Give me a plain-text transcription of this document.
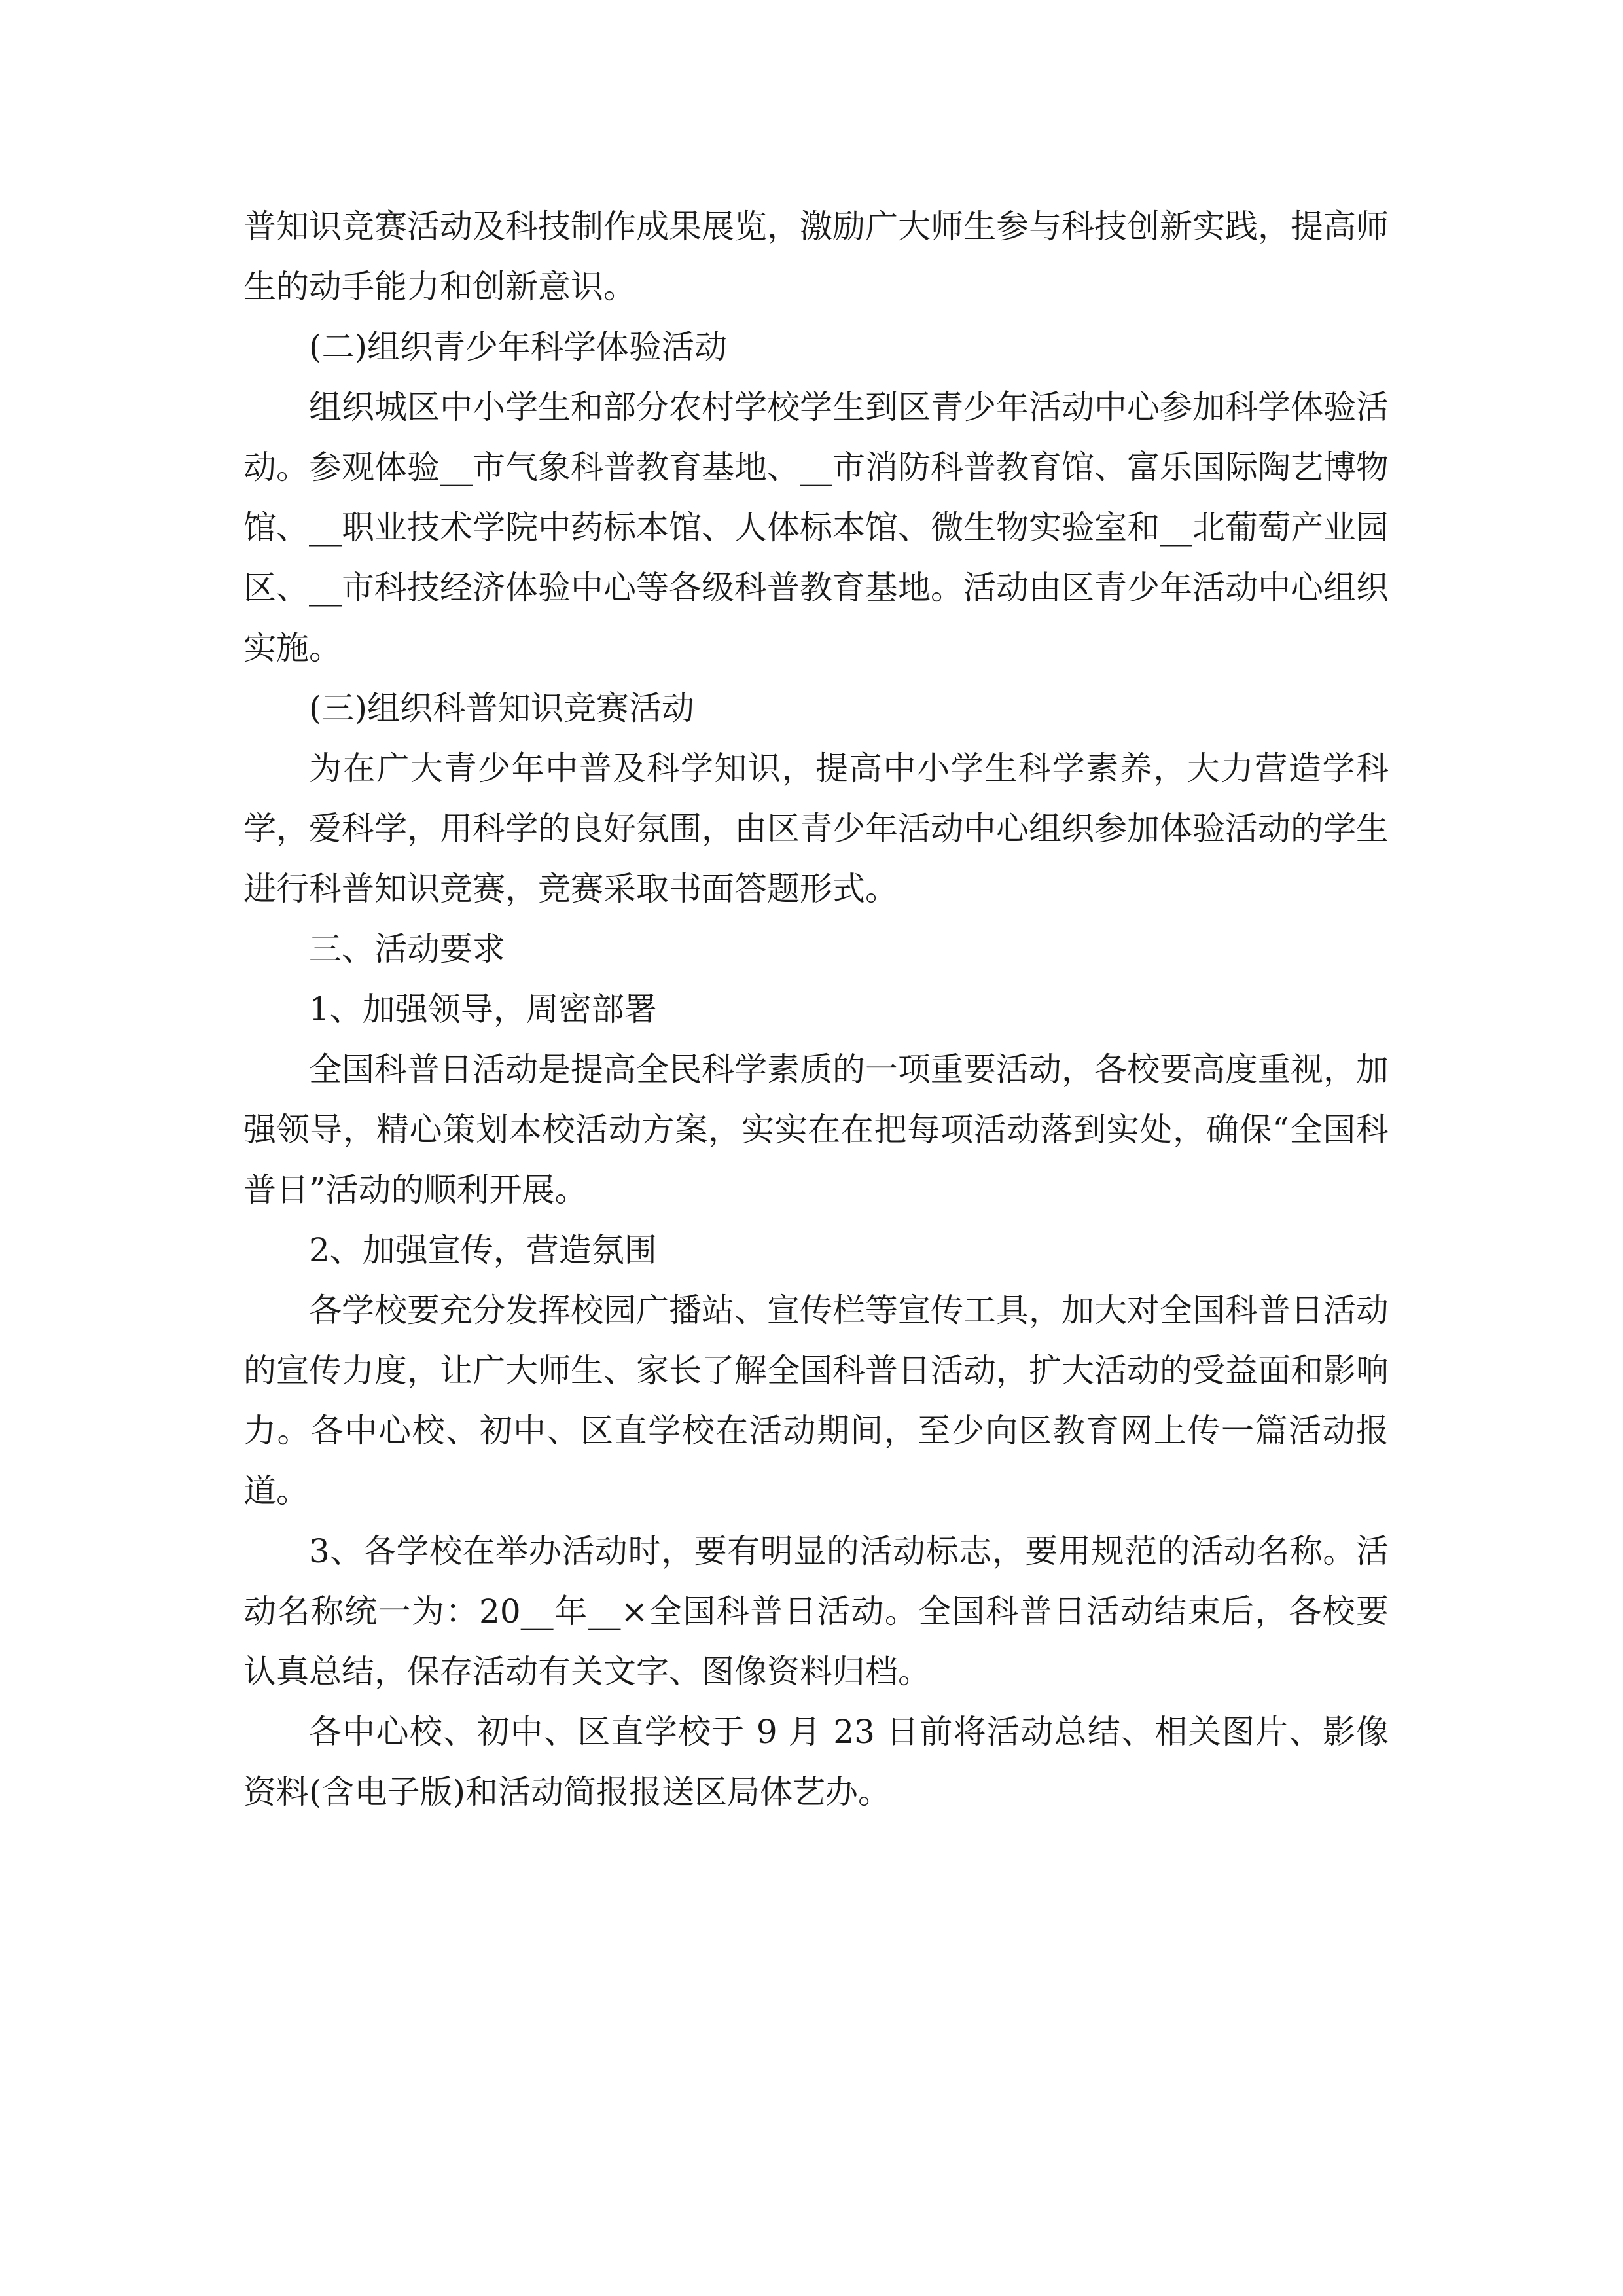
普知识竞赛活动及科技制作成果展览，激励广大师生参与科技创新实践，提高师生的动手能力和创新意识。

(二)组织青少年科学体验活动

组织城区中小学生和部分农村学校学生到区青少年活动中心参加科学体验活动。参观体验__市气象科普教育基地、__市消防科普教育馆、富乐国际陶艺博物馆、__职业技术学院中药标本馆、人体标本馆、微生物实验室和__北葡萄产业园区、__市科技经济体验中心等各级科普教育基地。活动由区青少年活动中心组织实施。

(三)组织科普知识竞赛活动

为在广大青少年中普及科学知识，提高中小学生科学素养，大力营造学科学，爱科学，用科学的良好氛围，由区青少年活动中心组织参加体验活动的学生进行科普知识竞赛，竞赛采取书面答题形式。

三、活动要求

1、加强领导，周密部署

全国科普日活动是提高全民科学素质的一项重要活动，各校要高度重视，加强领导，精心策划本校活动方案，实实在在把每项活动落到实处，确保“全国科普日”活动的顺利开展。

2、加强宣传，营造氛围

各学校要充分发挥校园广播站、宣传栏等宣传工具，加大对全国科普日活动的宣传力度，让广大师生、家长了解全国科普日活动，扩大活动的受益面和影响力。各中心校、初中、区直学校在活动期间，至少向区教育网上传一篇活动报道。

3、各学校在举办活动时，要有明显的活动标志，要用规范的活动名称。活动名称统一为：20__年__×全国科普日活动。全国科普日活动结束后，各校要认真总结，保存活动有关文字、图像资料归档。

各中心校、初中、区直学校于 9 月 23 日前将活动总结、相关图片、影像资料(含电子版)和活动简报报送区局体艺办。
